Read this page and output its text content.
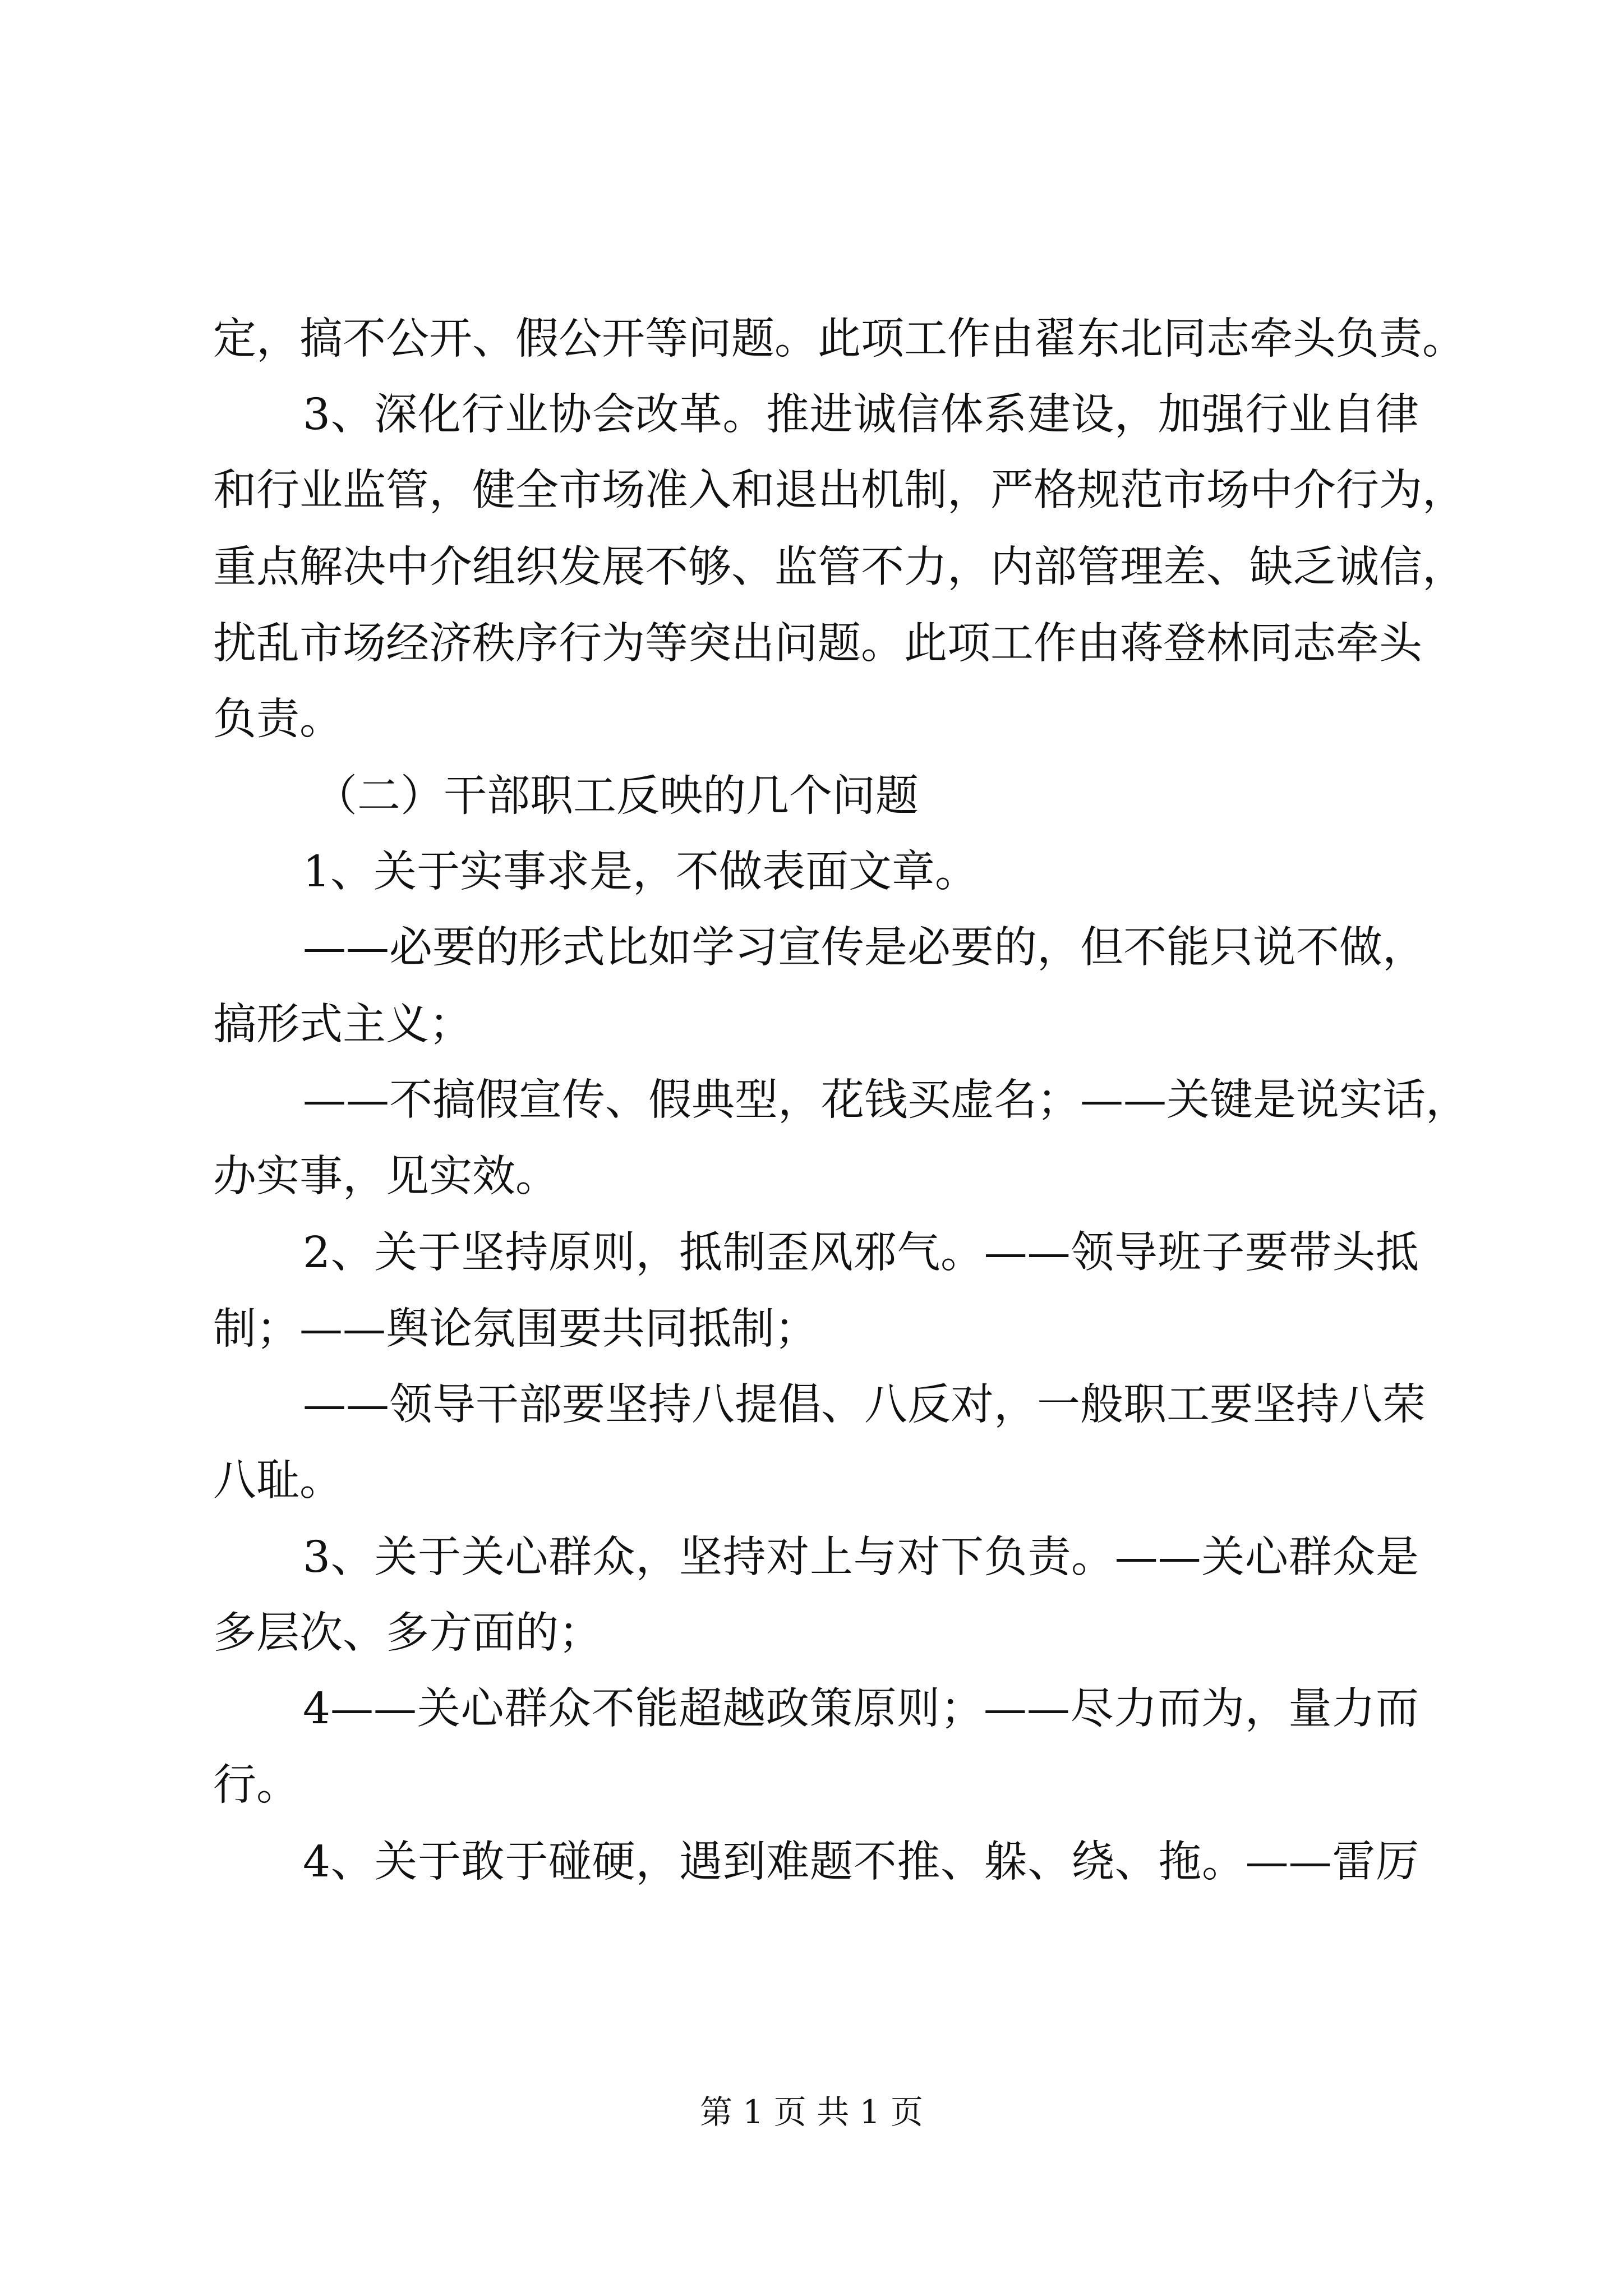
定，搞不公开、假公开等问题。此项工作由翟东北同志牵头负责。
3、深化行业协会改革。推进诚信体系建设，加强行业自律
和行业监管，健全市场准入和退出机制，严格规范市场中介行为，
重点解决中介组织发展不够、监管不力，内部管理差、缺乏诚信，
扰乱市场经济秩序行为等突出问题。此项工作由蒋登林同志牵头
负责。
（二）干部职工反映的几个问题
1、关于实事求是，不做表面文章。
——必要的形式比如学习宣传是必要的，但不能只说不做，
搞形式主义；
——不搞假宣传、假典型，花钱买虚名；——关键是说实话，
办实事，见实效。
2、关于坚持原则，抵制歪风邪气。——领导班子要带头抵
制；——舆论氛围要共同抵制；
——领导干部要坚持八提倡、八反对，一般职工要坚持八荣
八耻。
3、关于关心群众，坚持对上与对下负责。——关心群众是
多层次、多方面的；
4——关心群众不能超越政策原则；——尽力而为，量力而
行。
4、关于敢于碰硬，遇到难题不推、躲、绕、拖。——雷厉
第 1 页 共 1 页
